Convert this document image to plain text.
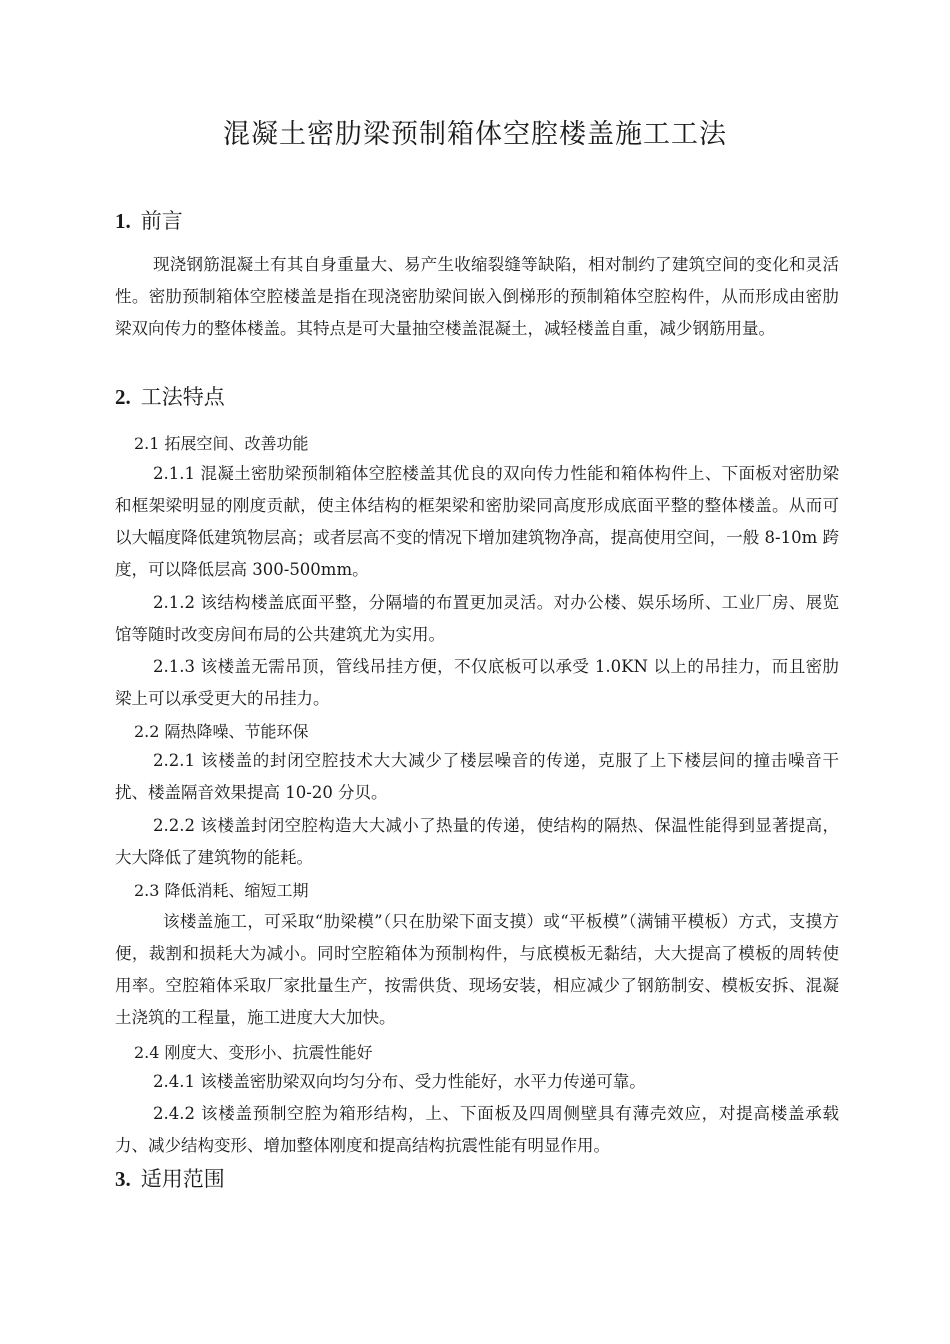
混凝土密肋梁预制箱体空腔楼盖施工工法
1. 前言
现浇钢筋混凝土有其自身重量大、易产生收缩裂缝等缺陷，相对制约了建筑空间的变化和灵活性。密肋预制箱体空腔楼盖是指在现浇密肋梁间嵌入倒梯形的预制箱体空腔构件，从而形成由密肋梁双向传力的整体楼盖。其特点是可大量抽空楼盖混凝土，减轻楼盖自重，减少钢筋用量。
2. 工法特点
2.1 拓展空间、改善功能
2.1.1 混凝土密肋梁预制箱体空腔楼盖其优良的双向传力性能和箱体构件上、下面板对密肋梁和框架梁明显的刚度贡献，使主体结构的框架梁和密肋梁同高度形成底面平整的整体楼盖。从而可以大幅度降低建筑物层高；或者层高不变的情况下增加建筑物净高，提高使用空间，一般 8-10m 跨度，可以降低层高 300-500mm。
2.1.2 该结构楼盖底面平整，分隔墙的布置更加灵活。对办公楼、娱乐场所、工业厂房、展览馆等随时改变房间布局的公共建筑尤为实用。
2.1.3 该楼盖无需吊顶，管线吊挂方便，不仅底板可以承受 1.0KN 以上的吊挂力，而且密肋梁上可以承受更大的吊挂力。
2.2 隔热降噪、节能环保
2.2.1 该楼盖的封闭空腔技术大大减少了楼层噪音的传递，克服了上下楼层间的撞击噪音干扰、楼盖隔音效果提高 10-20 分贝。
2.2.2 该楼盖封闭空腔构造大大减小了热量的传递，使结构的隔热、保温性能得到显著提高，大大降低了建筑物的能耗。
2.3 降低消耗、缩短工期
该楼盖施工，可采取“肋梁模”（只在肋梁下面支摸）或“平板模”（满铺平模板）方式，支摸方便，裁割和损耗大为减小。同时空腔箱体为预制构件，与底模板无黏结，大大提高了模板的周转使用率。空腔箱体采取厂家批量生产，按需供货、现场安装，相应减少了钢筋制安、模板安拆、混凝土浇筑的工程量，施工进度大大加快。
2.4 刚度大、变形小、抗震性能好
2.4.1 该楼盖密肋梁双向均匀分布、受力性能好，水平力传递可靠。
2.4.2 该楼盖预制空腔为箱形结构，上、下面板及四周侧壁具有薄壳效应，对提高楼盖承载力、减少结构变形、增加整体刚度和提高结构抗震性能有明显作用。
3. 适用范围
